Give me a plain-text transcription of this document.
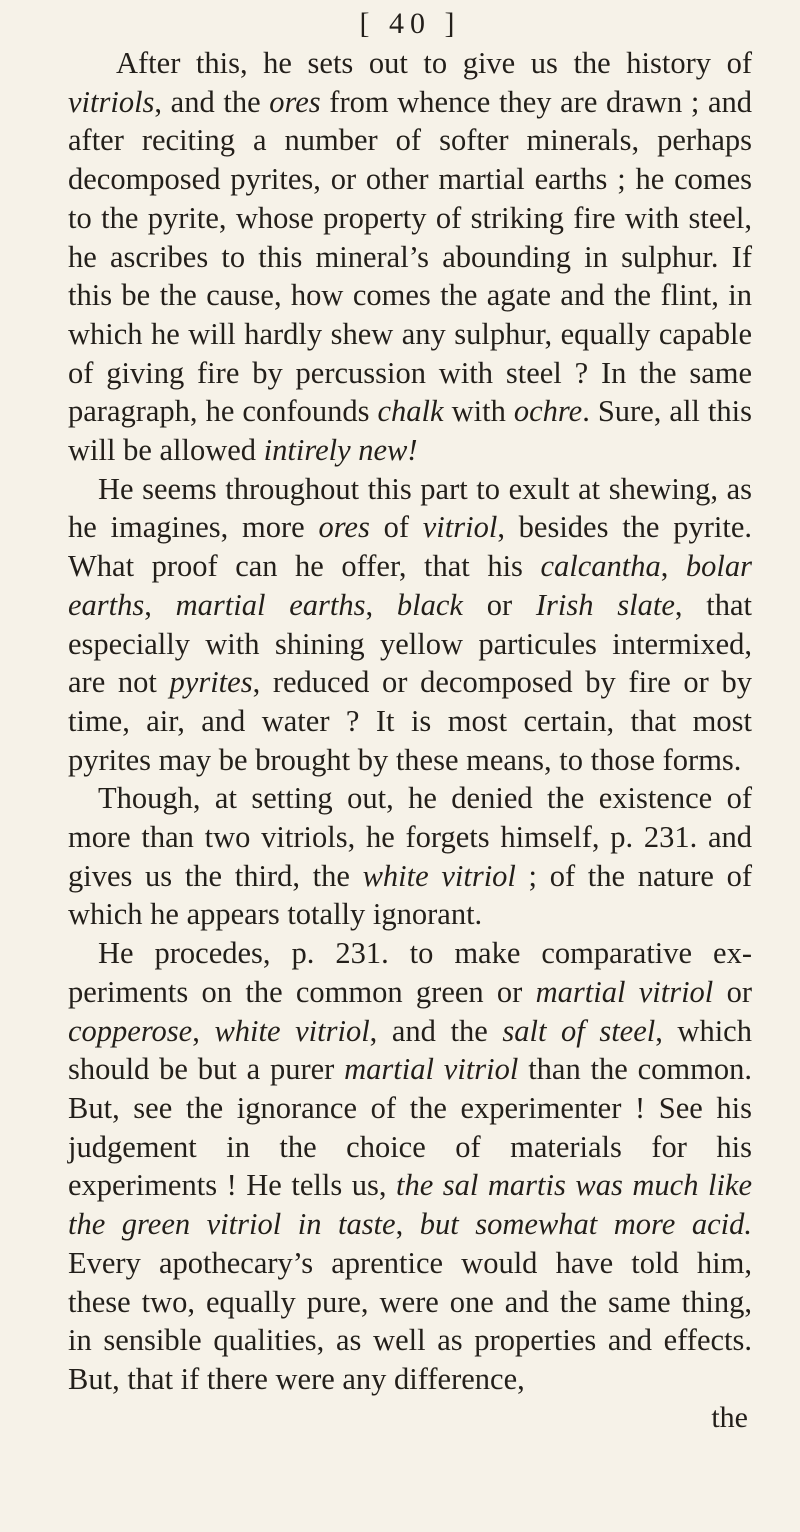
[ 40 ]

After this, he sets out to give us the history of vitriols, and the ores from whence they are drawn ; and after reciting a number of softer minerals, perhaps decomposed pyrites, or other martial earths ; he comes to the pyrite, whose property of striking fire with steel, he ascribes to this mineral’s abounding in sulphur. If this be the cause, how comes the agate and the flint, in which he will hardly shew any sulphur, equally capable of giving fire by percussion with steel ? In the same paragraph, he confounds chalk with ochre. Sure, all this will be allowed intirely new!

He seems throughout this part to exult at shewing, as he imagines, more ores of vitriol, besides the pyrite. What proof can he offer, that his calcantha, bolar earths, martial earths, black or Irish slate, that especially with shining yellow particules intermixed, are not pyrites, reduced or decomposed by fire or by time, air, and water ? It is most certain, that most pyrites may be brought by these means, to those forms.

Though, at setting out, he denied the existence of more than two vitriols, he forgets himself, p. 231. and gives us the third, the white vitriol ; of the nature of which he appears totally ignorant.

He procedes, p. 231. to make comparative experiments on the common green or martial vitriol or copperose, white vitriol, and the salt of steel, which should be but a purer martial vitriol than the common. But, see the ignorance of the experimenter ! See his judgement in the choice of materials for his experiments ! He tells us, the sal martis was much like the green vitriol in taste, but somewhat more acid. Every apothecary’s aprentice would have told him, these two, equally pure, were one and the same thing, in sensible qualities, as well as properties and effects. But, that if there were any difference,

the
